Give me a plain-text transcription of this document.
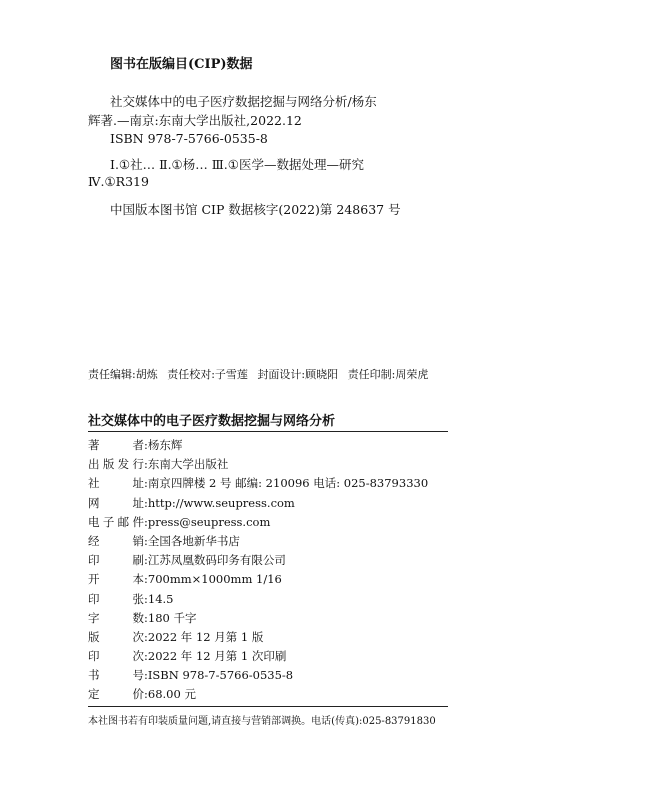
图书在版编目(CIP)数据
社交媒体中的电子医疗数据挖掘与网络分析/杨东
辉著.—南京:东南大学出版社,2022.12
ISBN 978-7-5766-0535-8
Ⅰ.①社… Ⅱ.①杨… Ⅲ.①医学—数据处理—研究
Ⅳ.①R319
中国版本图书馆 CIP 数据核字(2022)第 248637 号
责任编辑:胡炼 责任校对:子雪莲 封面设计:顾晓阳 责任印制:周荣虎
社交媒体中的电子医疗数据挖掘与网络分析
著者 : 杨东辉
出版发行 : 东南大学出版社
社址 : 南京四牌楼 2 号 邮编: 210096 电话: 025-83793330
网址 : http://www.seupress.com
电子邮件 : press@seupress.com
经销 : 全国各地新华书店
印刷 : 江苏凤凰数码印务有限公司
开本 : 700mm×1000mm 1/16
印张 : 14.5
字数 : 180 千字
版次 : 2022 年 12 月第 1 版
印次 : 2022 年 12 月第 1 次印刷
书号 : ISBN 978-7-5766-0535-8
定价 : 68.00 元
本社图书若有印装质量问题,请直接与营销部调换。电话(传真):025-83791830
